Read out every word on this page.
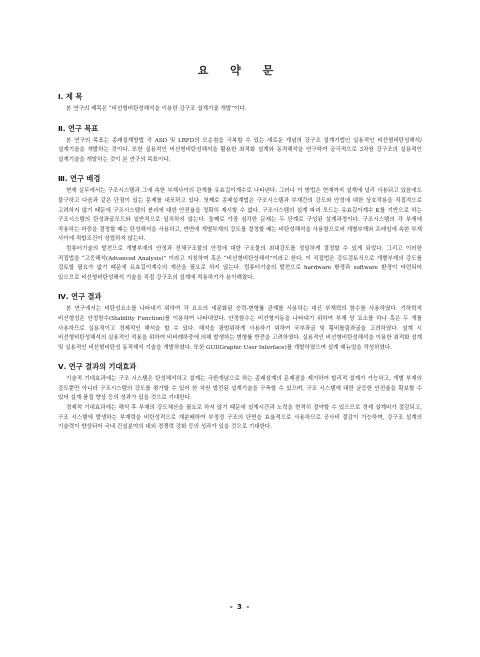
요 약 문
Ⅰ. 제 목

본 연구의 제목은 “비선형비탄성해석을 이용한 강구조 설계기술 개발”이다.

Ⅱ. 연구 목표

본 연구의 목표는 종래설계방법 즉 ASD 및 LRFD의 모순점을 극복할 수 있는 새로운 개념의 강구조 설계기법인 실용적인 비선형비탄성해석/설계기술을 개발하는 것이다. 또한 실용적인 비선형비탄성해석을 활용한 최적화 설계와 동적해석을 연구하여 궁극적으로 3차원 강구조의 실용적인 설계기술을 개발하는 것이 본 연구의 목표이다.

Ⅲ. 연구 배경

현재 실무에서는 구조시스템과 그에 속한 부재사이의 관계를 유효길이계수로 나타낸다. 그러나 이 방법은 현재까지 설계에 널리 사용되고 있음에도 불구하고 다음과 같은 단점이 있는 문제를 내포하고 있다. 첫째로 종래설계법은 구조시스템과 부재간의 강도와 안정에 대한 상호작용을 직접적으로 고려하지 않기 때문에 구조시스템의 붕괴에 대한 안전율을 정확히 제시할 수 없다. 구조시스템의 설계 파괴 모드는 유효길이계수 K를 기반으로 하는 구조시스템의 탄성좌굴모드와 일반적으로 일치하지 않는다. 둘째로 가장 심각한 문제는 두 단계로 구성된 설계과정이다. 구조시스템의 각 부재에 작용하는 하중을 결정할 때는 탄성해석을 사용하고, 반면에 개별부재의 강도를 결정할 때는 비탄성해석을 사용함으로써 개별부재와 프레임에 속한 부재 사이에 적합조건이 성립하지 않는다.

컴퓨터기술의 발전으로 개별부재의 안정과 전체구조물의 안정에 대한 구조물의 최대강도를 정밀하게 결정할 수 있게 되었다. 그리고 이러한 직접법을 “고등해석(Advanced Analysis)” 이라고 지칭하며 혹은 “비선형비탄성해석”이라고 한다. 이 직접법은 강도검토식으로 개별부재의 강도를 검토할 필요가 없기 때문에 유효길이계수의 계산을 필요로 하지 않는다. 컴퓨터기술의 발전으로 hardware 환경과 software 환경이 마련되어 있으므로 비선형비탄성해석 기술을 직접 강구조의 설계에 적용하기가 용이해졌다.

Ⅳ. 연구 결과

본 연구에서는 비탄성요소를 나타내기 위하여 각 요소의 세분화된 응력-변형률 관계를 사용하는 대신 부재력의 함수를 사용하였다. 기하학적 비선형성은 안정함수(Stability Function)를 이용하여 나타내었다. 안정함수는 비선형거동을 나타내기 위하여 부재 당 요소를 하나 혹은 두 개를 사용하므로 실용적이고 경제적인 해석을 할 수 있다. 해석을 광범위하게 사용하기 위하여 국부좌굴 및 횡비틀림좌굴을 고려하였다. 설계 시 비선형비탄성해석의 실용적인 적용을 위하여 비비례하중에 의해 발생하는 변형률 반전을 고려하였다. 실용적인 비선형비탄성해석을 이용한 최적화 설계 및 실용적인 비선형비탄성 동적해석 기술을 개발하였다. 또한 GUI(Graphic User Interface)를 개발하였으며 설계 매뉴얼을 작성하였다.

Ⅴ. 연구 결과의 기대효과

기술적 기대효과에는 구조 시스템은 탄성해석하고 설계는 극한개념으로 하는 종래설계의 문제점을 제거하여 합리적 설계가 가능하고, 개별 부재의 강도뿐만 아니라 구조시스템의 강도를 평가할 수 있어 한 차원 발전된 설계기술을 구축할 수 있으며, 구조 시스템에 대한 균등한 안전율을 확보할 수 있어 설계 품질 향상 등의 성과가 있을 것으로 기대한다.

경제적 기대효과에는 해석 후 부재의 강도체산을 필요로 하지 않기 때문에 설계시간과 노력을 현격히 절약할 수 있으므로 경제 설계비가 절감되고, 구조 시스템에 발생하는 부재력을 비탄성적으로 재분배하여 부정정 구조의 단면을 효율적으로 사용하므로 공사비 절감이 가능하며, 강구조 설계의 기술력이 향상되어 국내 건설분야의 대외 경쟁력 강화 등의 성과가 있을 것으로 기대한다.

- 3 -
